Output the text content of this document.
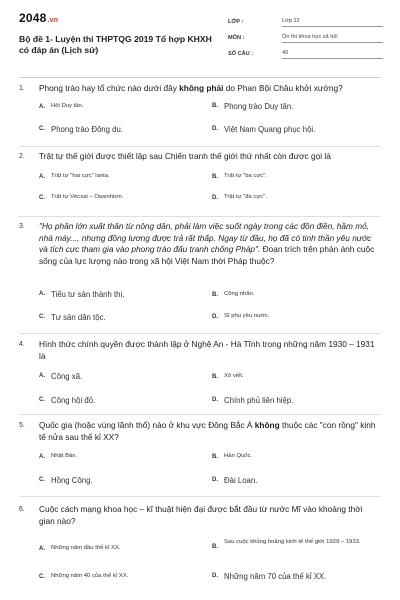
2048.vn
Bộ đề 1- Luyện thi THPTQG 2019 Tổ hợp KHXH có đáp án (Lịch sử)
LỚP :	Lớp 12
MÔN :	Ôn thi khoa học xã hội
SỐ CÂU :	40
1. Phong trào hay tổ chức nào dưới đây không phải do Phan Bội Châu khởi xướng?
A.	Hội Duy tân.	B. Phong trào Duy tân.
C. Phong trào Đông du.	D. Việt Nam Quang phục hội.
2. Trật tự thế giới được thiết lập sau Chiến tranh thế giới thứ nhất còn được gọi là
A.	Trật tự "hai cực" lanta.	B.	Trật tự "ba cực".
C.	Trật tự Vécxai – Oasinhtơn.	D.	Trật tự "đa cực".
3. "Họ phần lớn xuất thân từ nông dân, phải làm việc suốt ngày trong các đồn điền, hầm mỏ, nhà máy..., nhưng đồng lương được trả rất thấp. Ngay từ đầu, họ đã có tinh thần yêu nước và tích cực tham gia vào phong trào đấu tranh chống Pháp". Đoạn trích trên phản ánh cuộc sống của lực lượng nào trong xã hội Việt Nam thời Pháp thuộc?
A. Tiểu tư sản thành thị.	B.	Công nhân.
C. Tư sản dân tộc.	D.	Sĩ phu yêu nước.
4. Hình thức chính quyền được thành lập ở Nghệ An - Hà Tĩnh trong những năm 1930 – 1931 là
A. Công xã.	B.	Xô viết.
C. Công hội đỏ.	D. Chính phủ liên hiệp.
5. Quốc gia (hoặc vùng lãnh thổ) nào ở khu vực Đông Bắc Á không thuộc các "con rồng" kinh tế nửa sau thế kỉ XX?
A.	Nhật Bản.	B.	Hàn Quốc.
C. Hồng Công.	D. Đài Loan.
6. Cuộc cách mạng khoa học – kĩ thuật hiện đại được bắt đầu từ nước Mĩ vào khoảng thời gian nào?
A.	Những năm đầu thế kỉ XX.	B.
Sau cuộc khủng hoảng kinh tế thế giới 1929 – 1933.
C.	Những năm 40 của thế kỉ XX.	D. Những năm 70 của thế kỉ XX.
